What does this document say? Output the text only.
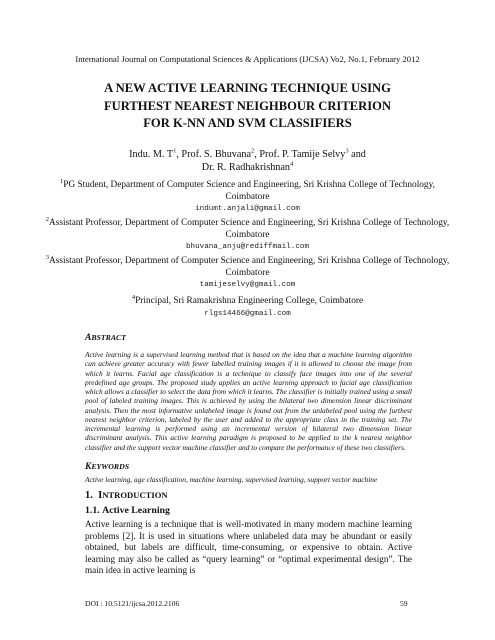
International Journal on Computational Sciences & Applications (IJCSA) Vo2, No.1, February 2012
A NEW ACTIVE LEARNING TECHNIQUE USING
FURTHEST NEAREST NEIGHBOUR CRITERION
FOR K-NN AND SVM CLASSIFIERS
Indu. M. $T^1$, Prof. S. Bhuvana$^2$, Prof. P. Tamije Selvy$^3$ and
Dr. R. Radhakrishnan$^4$
$^1$PG Student, Department of Computer Science and Engineering, Sri Krishna College of Technology, Coimbatore
indumt.anjali@gmail.com
$^2$Assistant Professor, Department of Computer Science and Engineering, Sri Krishna College of Technology, Coimbatore
bhuvana_anju@rediffmail.com
$^3$Assistant Professor, Department of Computer Science and Engineering, Sri Krishna College of Technology, Coimbatore
tamijeselvy@gmail.com
$^4$Principal, Sri Ramakrishna Engineering College, Coimbatore
rlgs14466@gmail.com
ABSTRACT
Active learning is a supervised learning method that is based on the idea that a machine learning algorithm can achieve greater accuracy with fewer labelled training images if it is allowed to choose the image from which it learns. Facial age classification is a technique to classify face images into one of the several predefined age groups. The proposed study applies an active learning approach to facial age classification which allows a classifier to select the data from which it learns. The classifier is initially trained using a small pool of labeled training images. This is achieved by using the bilateral two dimension linear discriminant analysis. Then the most informative unlabeled image is found out from the unlabeled pool using the furthest nearest neighbor criterion, labeled by the user and added to the appropriate class in the training set. The incremental learning is performed using an incremental version of bilateral two dimension linear discriminant analysis. This active learning paradigm is proposed to be applied to the k nearest neighbor classifier and the support vector machine classifier and to compare the performance of these two classifiers.
KEYWORDS
Active learning, age classification, machine learning, supervised learning, support vector machine
1. INTRODUCTION
1.1. Active Learning
Active learning is a technique that is well-motivated in many modern machine learning problems [2]. It is used in situations where unlabeled data may be abundant or easily obtained, but labels are difficult, time-consuming, or expensive to obtain. Active learning may also be called as “query learning” or “optimal experimental design”. The main idea in active learning is
DOI : 10.5121/ijcsa.2012.2106	59
